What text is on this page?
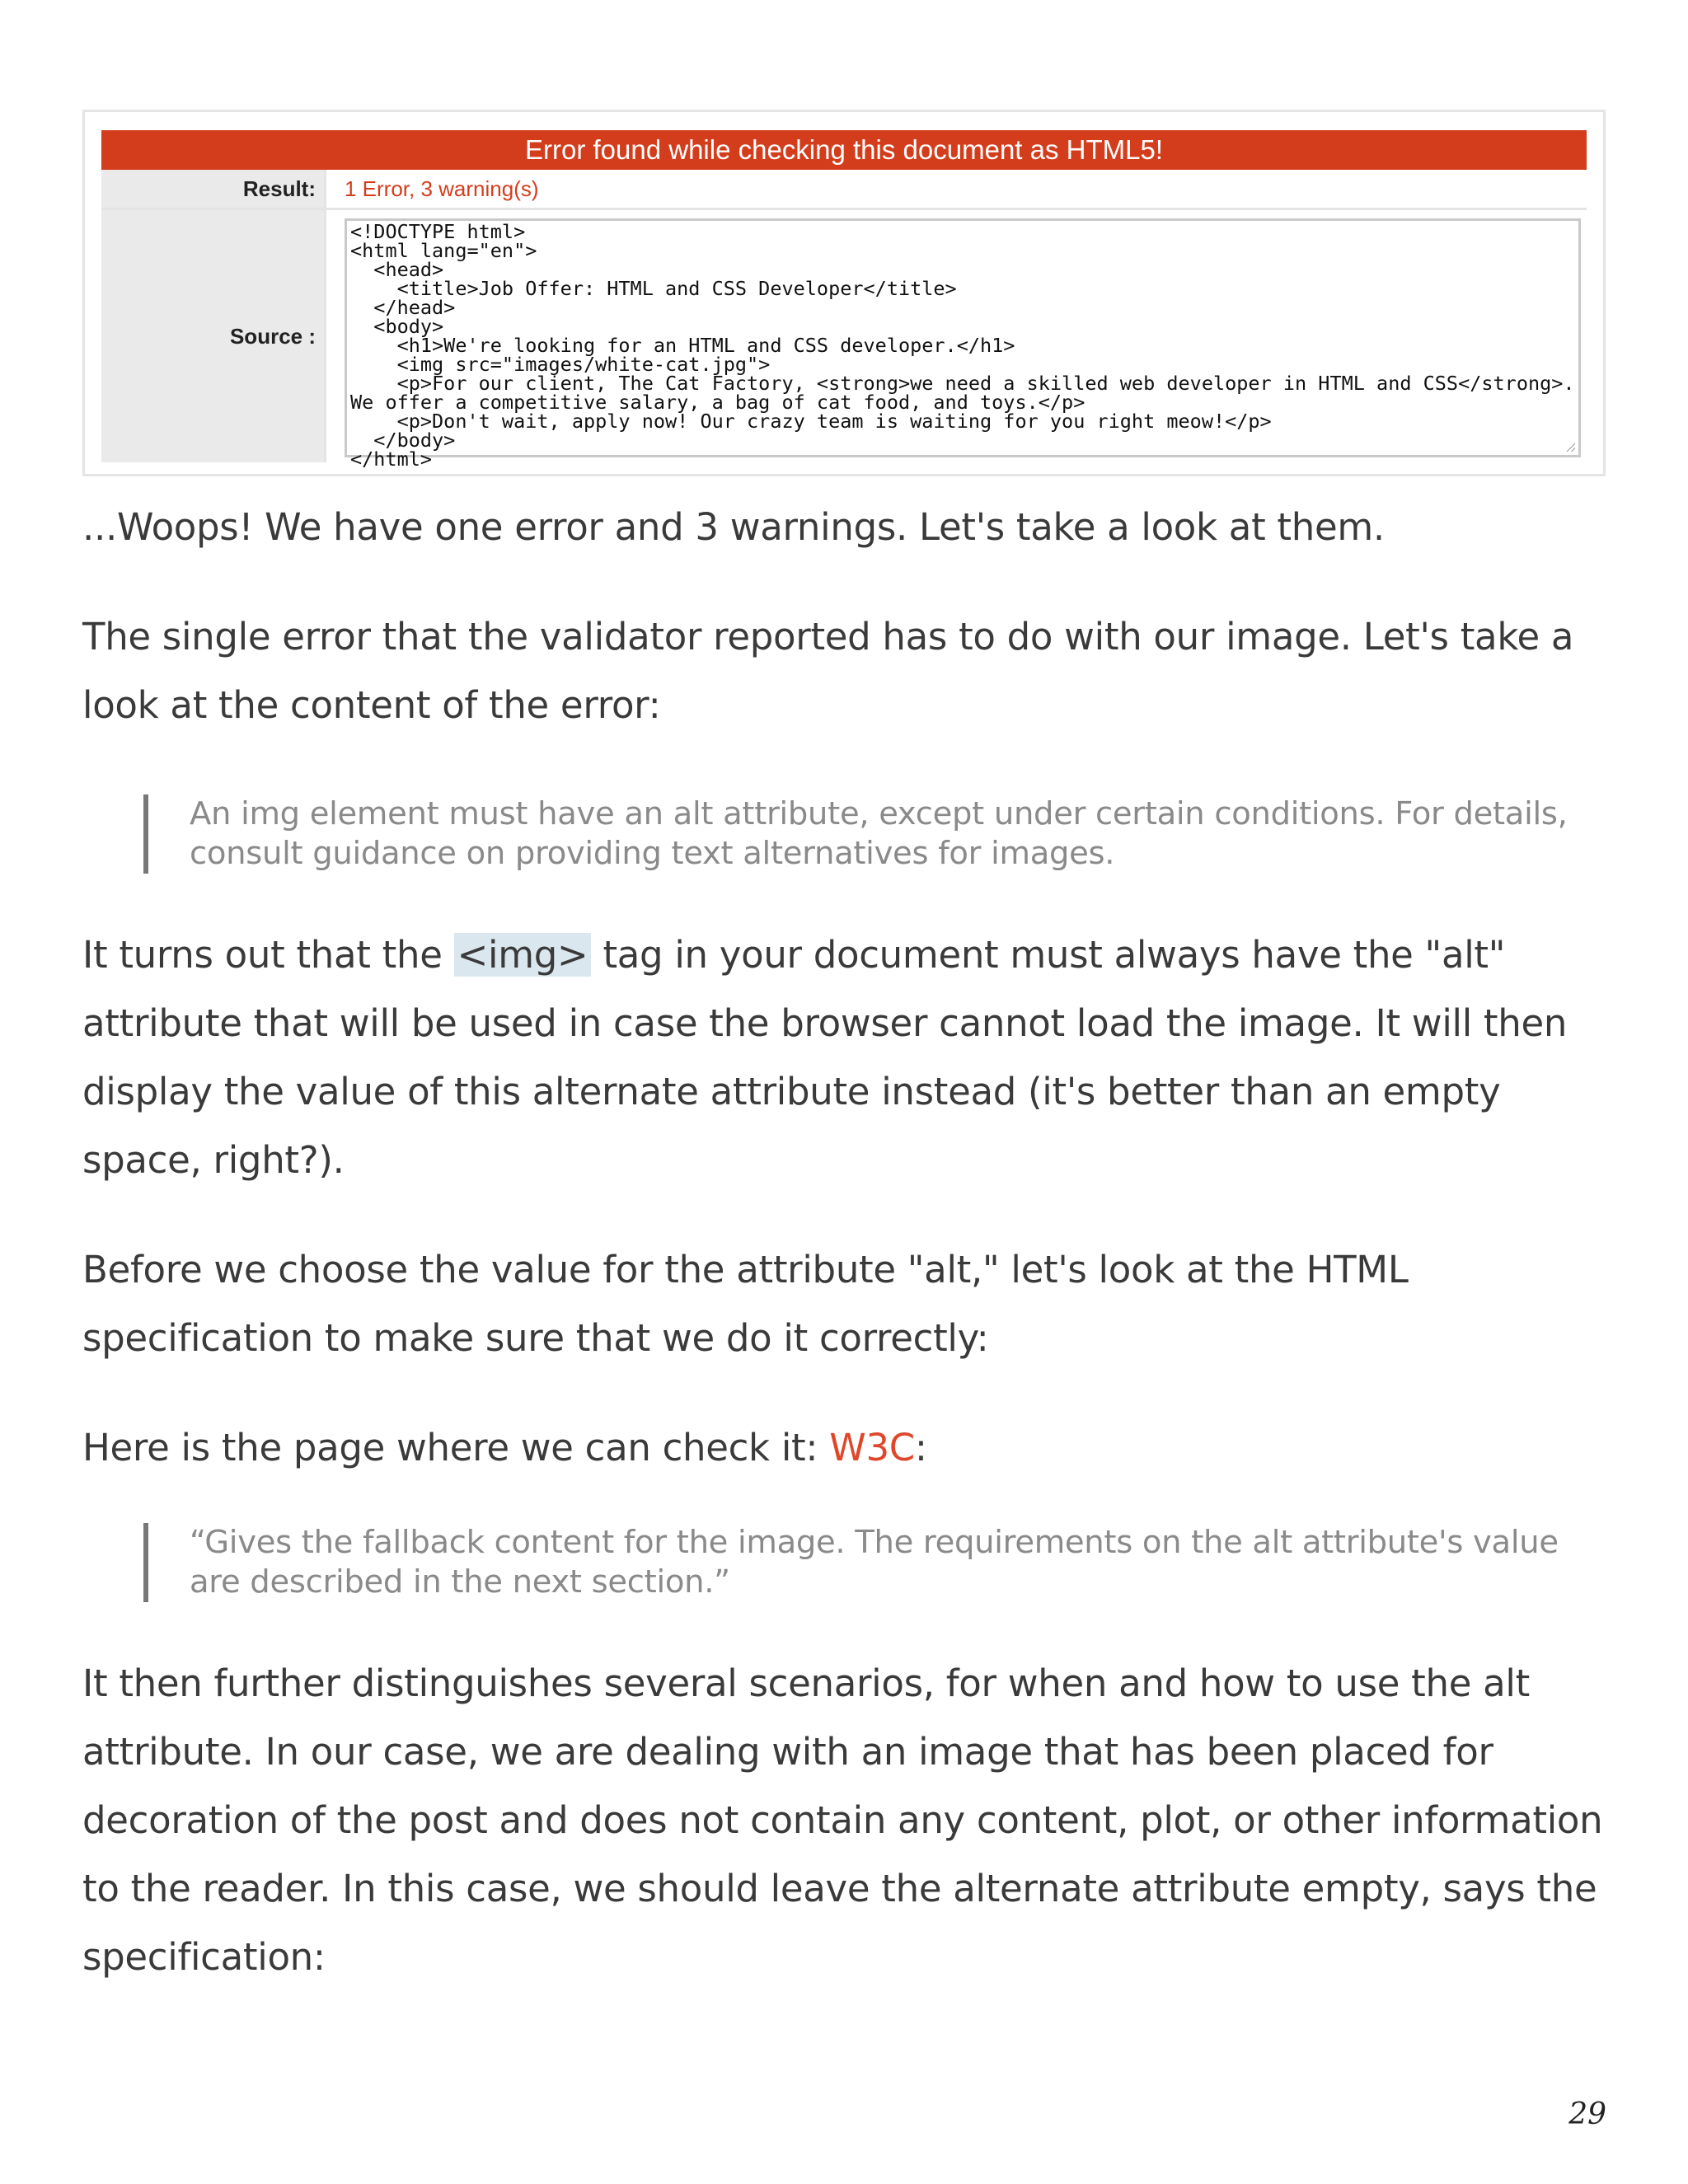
Error found while checking this document as HTML5!
Result:	1 Error, 3 warning(s)
Source :
<!DOCTYPE html>
<html lang="en">
<head>
<title>Job Offer: HTML and CSS Developer</title>
</head>
<body>
<h1>We're looking for an HTML and CSS developer.</h1>
<img src="images/white-cat.jpg">
<p>For our client, The Cat Factory, <strong>we need a skilled web developer in HTML and CSS</strong>.
We offer a competitive salary, a bag of cat food, and toys.</p>
<p>Don't wait, apply now! Our crazy team is waiting for you right meow!</p>
</body>
</html>

...Woops! We have one error and 3 warnings. Let's take a look at them.

The single error that the validator reported has to do with our image. Let's take a look at the content of the error:

An img element must have an alt attribute, except under certain conditions. For details, consult guidance on providing text alternatives for images.

It turns out that the <img> tag in your document must always have the "alt" attribute that will be used in case the browser cannot load the image. It will then display the value of this alternate attribute instead (it's better than an empty space, right?).

Before we choose the value for the attribute "alt," let's look at the HTML specification to make sure that we do it correctly:

Here is the page where we can check it: W3C:

“Gives the fallback content for the image. The requirements on the alt attribute's value are described in the next section.”

It then further distinguishes several scenarios, for when and how to use the alt attribute. In our case, we are dealing with an image that has been placed for decoration of the post and does not contain any content, plot, or other information to the reader. In this case, we should leave the alternate attribute empty, says the specification:

29
